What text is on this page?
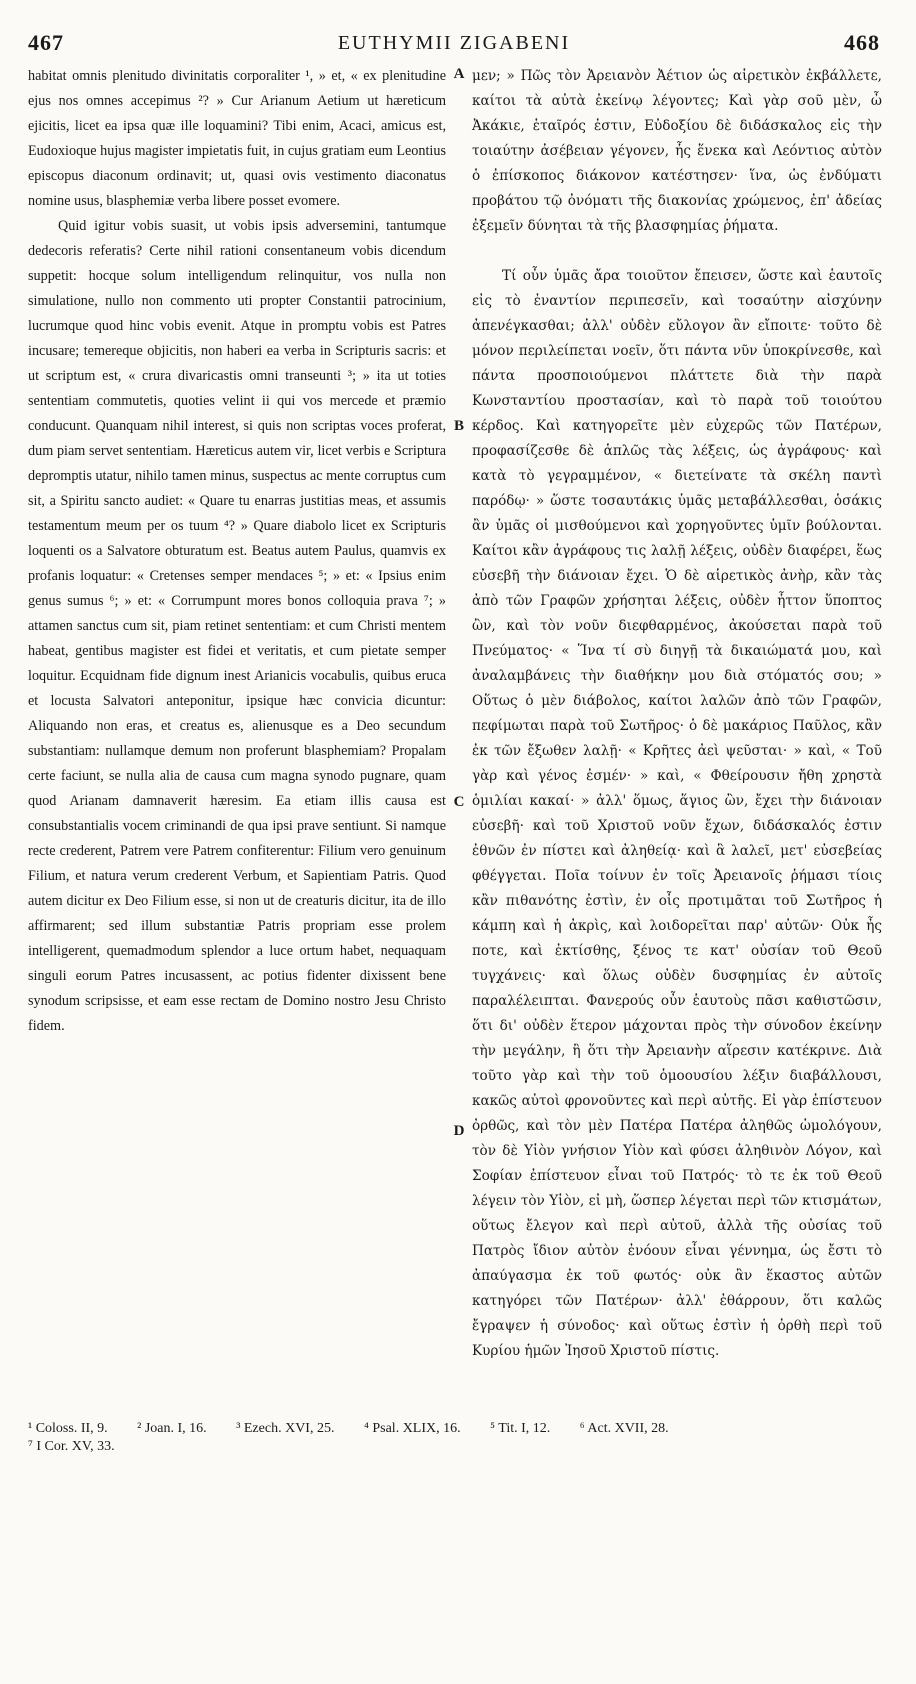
467	EUTHYMII ZIGABENI	468

habitat omnis plenitudo divinitatis corporaliter ¹, » et, « ex plenitudine ejus nos omnes accepimus ²? » Cur Arianum Aetium ut hæreticum ejicitis, licet ea ipsa quæ ille loquamini? Tibi enim, Acaci, amicus est, Eudoxioque hujus magister impietatis fuit, in cujus gratiam eum Leontius episcopus diaconum ordinavit; ut, quasi ovis vestimento diaconatus nomine usus, blasphemiæ verba libere posset evomere.

Quid igitur vobis suasit, ut vobis ipsis adversemini, tantumque dedecoris referatis? Certe nihil rationi consentaneum vobis dicendum suppetit: hocque solum intelligendum relinquitur, vos nulla non simulatione, nullo non commento uti propter Constantii patrocinium, lucrumque quod hinc vobis evenit. Atque in promptu vobis est Patres incusare; temereque objicitis, non haberi ea verba in Scripturis sacris: et ut scriptum est, « crura divaricastis omni transeunti ³; » ita ut toties sententiam commutetis, quoties velint ii qui vos mercede et præmio conducunt. Quanquam nihil interest, si quis non scriptas voces proferat, dum piam servet sententiam. Hæreticus autem vir, licet verbis e Scriptura depromptis utatur, nihilo tamen minus, suspectus ac mente corruptus cum sit, a Spiritu sancto audiet: « Quare tu enarras justitias meas, et assumis testamentum meum per os tuum ⁴? » Quare diabolo licet ex Scripturis loquenti os a Salvatore obturatum est. Beatus autem Paulus, quamvis ex profanis loquatur: « Cretenses semper mendaces ⁵; » et: « Ipsius enim genus sumus ⁶; » et: « Corrumpunt mores bonos colloquia prava ⁷; » attamen sanctus cum sit, piam retinet sententiam: et cum Christi mentem habeat, gentibus magister est fidei et veritatis, et cum pietate semper loquitur. Ecquidnam fide dignum inest Arianicis vocabulis, quibus eruca et locusta Salvatori anteponitur, ipsique hæc convicia dicuntur: Aliquando non eras, et creatus es, alienusque es a Deo secundum substantiam: nullamque demum non proferunt blasphemiam? Propalam certe faciunt, se nulla alia de causa cum magna synodo pugnare, quam quod Arianam damnaverit hæresim. Ea etiam illis causa est consubstantialis vocem criminandi de qua ipsi prave sentiunt. Si namque recte crederent, Patrem vere Patrem confiterentur: Filium vero genuinum Filium, et natura verum crederent Verbum, et Sapientiam Patris. Quod autem dicitur ex Deo Filium esse, si non ut de creaturis dicitur, ita de illo affirmarent; sed illum substantiæ Patris propriam esse prolem intelligerent, quemadmodum splendor a luce ortum habet, nequaquam singuli eorum Patres incusassent, ac potius fidenter dixissent bene synodum scripsisse, et eam esse rectam de Domino nostro Jesu Christo fidem.

A
B
C
D

μεν; » Πῶς τὸν Ἀρειανὸν Ἀέτιον ὡς αἱρετικὸν ἐκβάλλετε, καίτοι τὰ αὐτὰ ἐκείνῳ λέγοντες; Καὶ γὰρ σοῦ μὲν, ὦ Ἀκάκιε, ἑταῖρός ἐστιν, Εὐδοξίου δὲ διδάσκαλος εἰς τὴν τοιαύτην ἀσέβειαν γέγονεν, ἧς ἕνεκα καὶ Λεόντιος αὐτὸν ὁ ἐπίσκοπος διάκονον κατέστησεν· ἵνα, ὡς ἐνδύματι προβάτου τῷ ὀνόματι τῆς διακονίας χρώμενος, ἐπ' ἀδείας ἐξεμεῖν δύνηται τὰ τῆς βλασφημίας ῥήματα.

Τί οὖν ὑμᾶς ἄρα τοιοῦτον ἔπεισεν, ὥστε καὶ ἑαυτοῖς εἰς τὸ ἐναντίον περιπεσεῖν, καὶ τοσαύτην αἰσχύνην ἀπενέγκασθαι; ἀλλ' οὐδὲν εὔλογον ἂν εἴποιτε· τοῦτο δὲ μόνον περιλείπεται νοεῖν, ὅτι πάντα νῦν ὑποκρίνεσθε, καὶ πάντα προσποιούμενοι πλάττετε διὰ τὴν παρὰ Κωνσταντίου προστασίαν, καὶ τὸ παρὰ τοῦ τοιούτου κέρδος. Καὶ κατηγορεῖτε μὲν εὐχερῶς τῶν Πατέρων, προφασίζεσθε δὲ ἁπλῶς τὰς λέξεις, ὡς ἀγράφους· καὶ κατὰ τὸ γεγραμμένον, « διετείνατε τὰ σκέλη παντὶ παρόδῳ· » ὥστε τοσαυτάκις ὑμᾶς μεταβάλλεσθαι, ὁσάκις ἂν ὑμᾶς οἱ μισθούμενοι καὶ χορηγοῦντες ὑμῖν βούλονται. Καίτοι κἂν ἀγράφους τις λαλῇ λέξεις, οὐδὲν διαφέρει, ἕως εὐσεβῆ τὴν διάνοιαν ἔχει. Ὁ δὲ αἱρετικὸς ἀνὴρ, κἂν τὰς ἀπὸ τῶν Γραφῶν χρήσηται λέξεις, οὐδὲν ἧττον ὕποπτος ὢν, καὶ τὸν νοῦν διεφθαρμένος, ἀκούσεται παρὰ τοῦ Πνεύματος· « Ἵνα τί σὺ διηγῇ τὰ δικαιώματά μου, καὶ ἀναλαμβάνεις τὴν διαθήκην μου διὰ στόματός σου; » Οὕτως ὁ μὲν διάβολος, καίτοι λαλῶν ἀπὸ τῶν Γραφῶν, πεφίμωται παρὰ τοῦ Σωτῆρος· ὁ δὲ μακάριος Παῦλος, κἂν ἐκ τῶν ἔξωθεν λαλῇ· « Κρῆτες ἀεὶ ψεῦσται· » καὶ, « Τοῦ γὰρ καὶ γένος ἐσμέν· » καὶ, « Φθείρουσιν ἤθη χρηστὰ ὁμιλίαι κακαί· » ἀλλ' ὅμως, ἅγιος ὢν, ἔχει τὴν διάνοιαν εὐσεβῆ· καὶ τοῦ Χριστοῦ νοῦν ἔχων, διδάσκαλός ἐστιν ἐθνῶν ἐν πίστει καὶ ἀληθείᾳ· καὶ ἃ λαλεῖ, μετ' εὐσεβείας φθέγγεται. Ποῖα τοίνυν ἐν τοῖς Ἀρειανοῖς ῥήμασι τίοις κἂν πιθανότης ἐστὶν, ἐν οἷς προτιμᾶται τοῦ Σωτῆρος ἡ κάμπη καὶ ἡ ἀκρὶς, καὶ λοιδορεῖται παρ' αὐτῶν· Οὐκ ἦς ποτε, καὶ ἐκτίσθης, ξένος τε κατ' οὐσίαν τοῦ Θεοῦ τυγχάνεις· καὶ ὅλως οὐδὲν δυσφημίας ἐν αὐτοῖς παραλέλειπται. Φανερούς οὖν ἑαυτοὺς πᾶσι καθιστῶσιν, ὅτι δι' οὐδὲν ἕτερον μάχονται πρὸς τὴν σύνοδον ἐκείνην τὴν μεγάλην, ἢ ὅτι τὴν Ἀρειανὴν αἵρεσιν κατέκρινε. Διὰ τοῦτο γὰρ καὶ τὴν τοῦ ὁμοουσίου λέξιν διαβάλλουσι, κακῶς αὐτοὶ φρονοῦντες καὶ περὶ αὐτῆς. Εἰ γὰρ ἐπίστευον ὀρθῶς, καὶ τὸν μὲν Πατέρα Πατέρα ἀληθῶς ὡμολόγουν, τὸν δὲ Υἱὸν γνήσιον Υἱὸν καὶ φύσει ἀληθινὸν Λόγον, καὶ Σοφίαν ἐπίστευον εἶναι τοῦ Πατρός· τὸ τε ἐκ τοῦ Θεοῦ λέγειν τὸν Υἱὸν, εἰ μὴ, ὥσπερ λέγεται περὶ τῶν κτισμάτων, οὕτως ἔλεγον καὶ περὶ αὐτοῦ, ἀλλὰ τῆς οὐσίας τοῦ Πατρὸς ἴδιον αὐτὸν ἐνόουν εἶναι γέννημα, ὡς ἔστι τὸ ἀπαύγασμα ἐκ τοῦ φωτός· οὐκ ἂν ἕκαστος αὐτῶν κατηγόρει τῶν Πατέρων· ἀλλ' ἐθάρρουν, ὅτι καλῶς ἔγραψεν ἡ σύνοδος· καὶ οὕτως ἐστὶν ἡ ὀρθὴ περὶ τοῦ Κυρίου ἡμῶν Ἰησοῦ Χριστοῦ πίστις.

¹ Coloss. II, 9. ² Joan. I, 16. ³ Ezech. XVI, 25. ⁴ Psal. XLIX, 16. ⁵ Tit. I, 12. ⁶ Act. XVII, 28.
⁷ I Cor. XV, 33.
